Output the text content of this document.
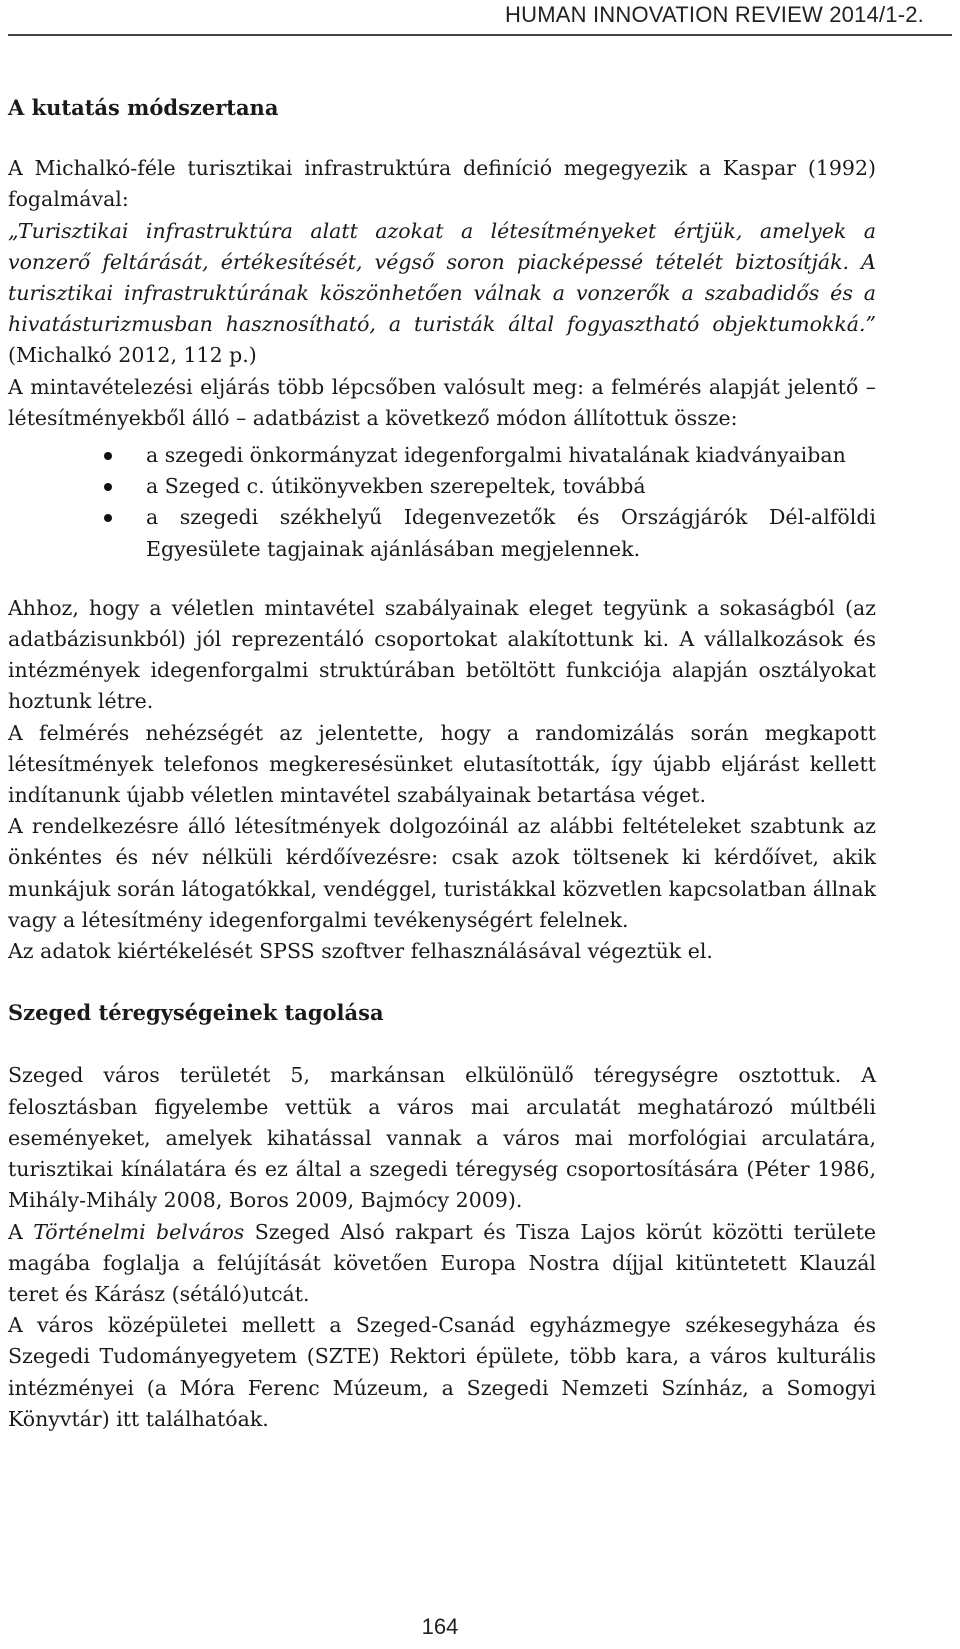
HUMAN INNOVATION REVIEW 2014/1-2.
A kutatás módszertana

A Michalkó-féle turisztikai infrastruktúra definíció megegyezik a Kaspar (1992) fogalmával:

„Turisztikai infrastruktúra alatt azokat a létesítményeket értjük, amelyek a vonzerő feltárását, értékesítését, végső soron piacképessé tételét biztosítják. A turisztikai infrastruktúrának köszönhetően válnak a vonzerők a szabadidős és a hivatásturizmusban hasznosítható, a turisták által fogyasztható objektumokká.” (Michalkó 2012, 112 p.)

A mintavételezési eljárás több lépcsőben valósult meg: a felmérés alapját jelentő – létesítményekből álló – adatbázist a következő módon állítottuk össze:

a szegedi önkormányzat idegenforgalmi hivatalának kiadványaiban
a Szeged c. útikönyvekben szerepeltek, továbbá
a szegedi székhelyű Idegenvezetők és Országjárók Dél-alföldi Egyesülete tagjainak ajánlásában megjelennek.

Ahhoz, hogy a véletlen mintavétel szabályainak eleget tegyünk a sokaságból (az adatbázisunkból) jól reprezentáló csoportokat alakítottunk ki. A vállalkozások és intézmények idegenforgalmi struktúrában betöltött funkciója alapján osztályokat hoztunk létre.

A felmérés nehézségét az jelentette, hogy a randomizálás során megkapott létesítmények telefonos megkeresésünket elutasították, így újabb eljárást kellett indítanunk újabb véletlen mintavétel szabályainak betartása véget.

A rendelkezésre álló létesítmények dolgozóinál az alábbi feltételeket szabtunk az önkéntes és név nélküli kérdőívezésre: csak azok töltsenek ki kérdőívet, akik munkájuk során látogatókkal, vendéggel, turistákkal közvetlen kapcsolatban állnak vagy a létesítmény idegenforgalmi tevékenységért felelnek.

Az adatok kiértékelését SPSS szoftver felhasználásával végeztük el.

Szeged téregységeinek tagolása

Szeged város területét 5, markánsan elkülönülő téregységre osztottuk. A felosztásban figyelembe vettük a város mai arculatát meghatározó múltbéli eseményeket, amelyek kihatással vannak a város mai morfológiai arculatára, turisztikai kínálatára és ez által a szegedi téregység csoportosítására (Péter 1986, Mihály-Mihály 2008, Boros 2009, Bajmócy 2009).

A Történelmi belváros Szeged Alsó rakpart és Tisza Lajos körút közötti területe magába foglalja a felújítását követően Europa Nostra díjjal kitüntetett Klauzál teret és Kárász (sétáló)utcát.

A város középületei mellett a Szeged-Csanád egyházmegye székesegyháza és Szegedi Tudományegyetem (SZTE) Rektori épülete, több kara, a város kulturális intézményei (a Móra Ferenc Múzeum, a Szegedi Nemzeti Színház, a Somogyi Könyvtár) itt találhatóak.

164
